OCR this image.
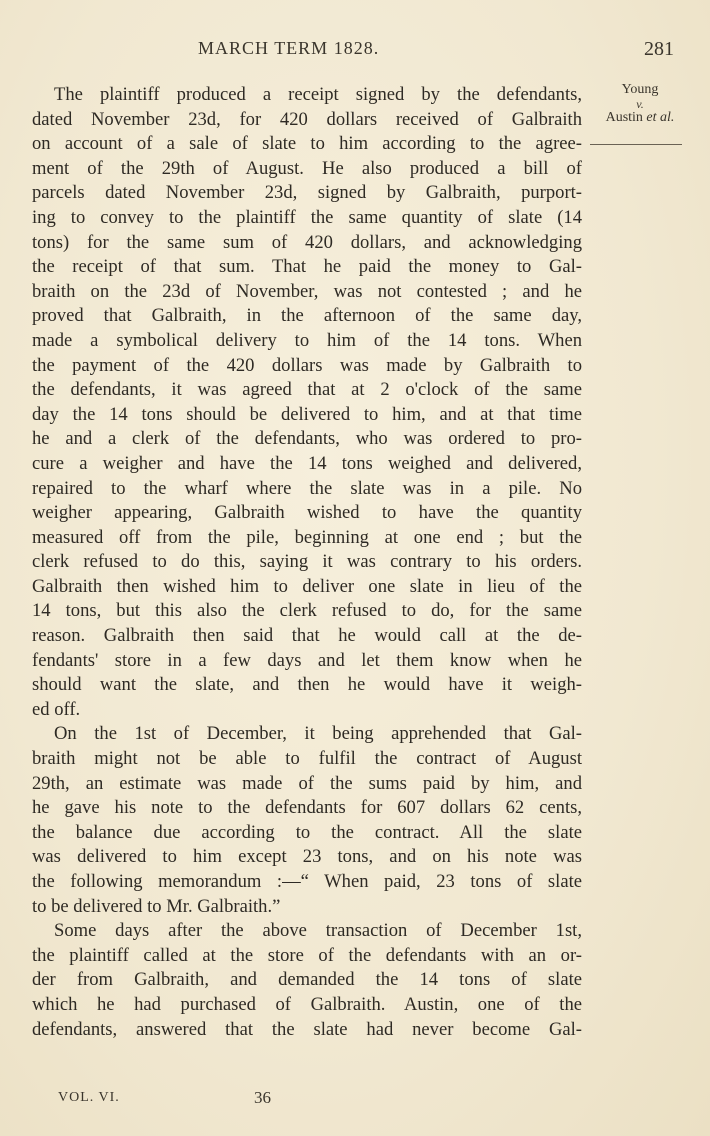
MARCH TERM 1828.	281
Young
v.
Austin et al.
The plaintiff produced a receipt signed by the defendants,
dated November 23d, for 420 dollars received of Galbraith
on account of a sale of slate to him according to the agree-
ment of the 29th of August. He also produced a bill of
parcels dated November 23d, signed by Galbraith, purport-
ing to convey to the plaintiff the same quantity of slate (14
tons) for the same sum of 420 dollars, and acknowledging
the receipt of that sum. That he paid the money to Gal-
braith on the 23d of November, was not contested ; and he
proved that Galbraith, in the afternoon of the same day,
made a symbolical delivery to him of the 14 tons. When
the payment of the 420 dollars was made by Galbraith to
the defendants, it was agreed that at 2 o'clock of the same
day the 14 tons should be delivered to him, and at that time
he and a clerk of the defendants, who was ordered to pro-
cure a weigher and have the 14 tons weighed and delivered,
repaired to the wharf where the slate was in a pile. No
weigher appearing, Galbraith wished to have the quantity
measured off from the pile, beginning at one end ; but the
clerk refused to do this, saying it was contrary to his orders.
Galbraith then wished him to deliver one slate in lieu of the
14 tons, but this also the clerk refused to do, for the same
reason. Galbraith then said that he would call at the de-
fendants' store in a few days and let them know when he
should want the slate, and then he would have it weigh-
ed off.
On the 1st of December, it being apprehended that Gal-
braith might not be able to fulfil the contract of August
29th, an estimate was made of the sums paid by him, and
he gave his note to the defendants for 607 dollars 62 cents,
the balance due according to the contract. All the slate
was delivered to him except 23 tons, and on his note was
the following memorandum :—“ When paid, 23 tons of slate
to be delivered to Mr. Galbraith.”
Some days after the above transaction of December 1st,
the plaintiff called at the store of the defendants with an or-
der from Galbraith, and demanded the 14 tons of slate
which he had purchased of Galbraith. Austin, one of the
defendants, answered that the slate had never become Gal-
VOL. VI.	36
